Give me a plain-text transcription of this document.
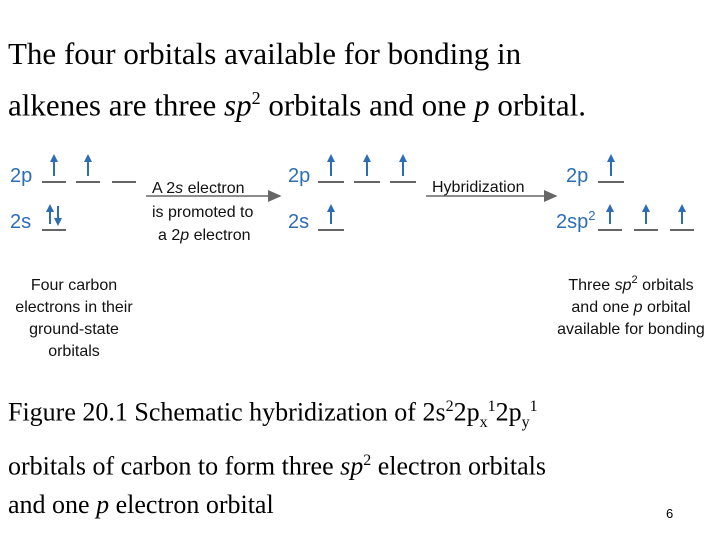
The four orbitals available for bonding in
alkenes are three $sp^2$ orbitals and one p orbital.
2p
2s
Four carbon
electrons in their
ground-state
orbitals
A 2s electron
is promoted to
a 2p electron
2p
2s
Hybridization
2p
$2sp^2$
Three $sp^2$ orbitals
and one p orbital
available for bonding
Figure 20.1 Schematic hybridization of $2s^22p_x^12p_y^1$
orbitals of carbon to form three $sp^2$ electron orbitals
and one p electron orbital	6
